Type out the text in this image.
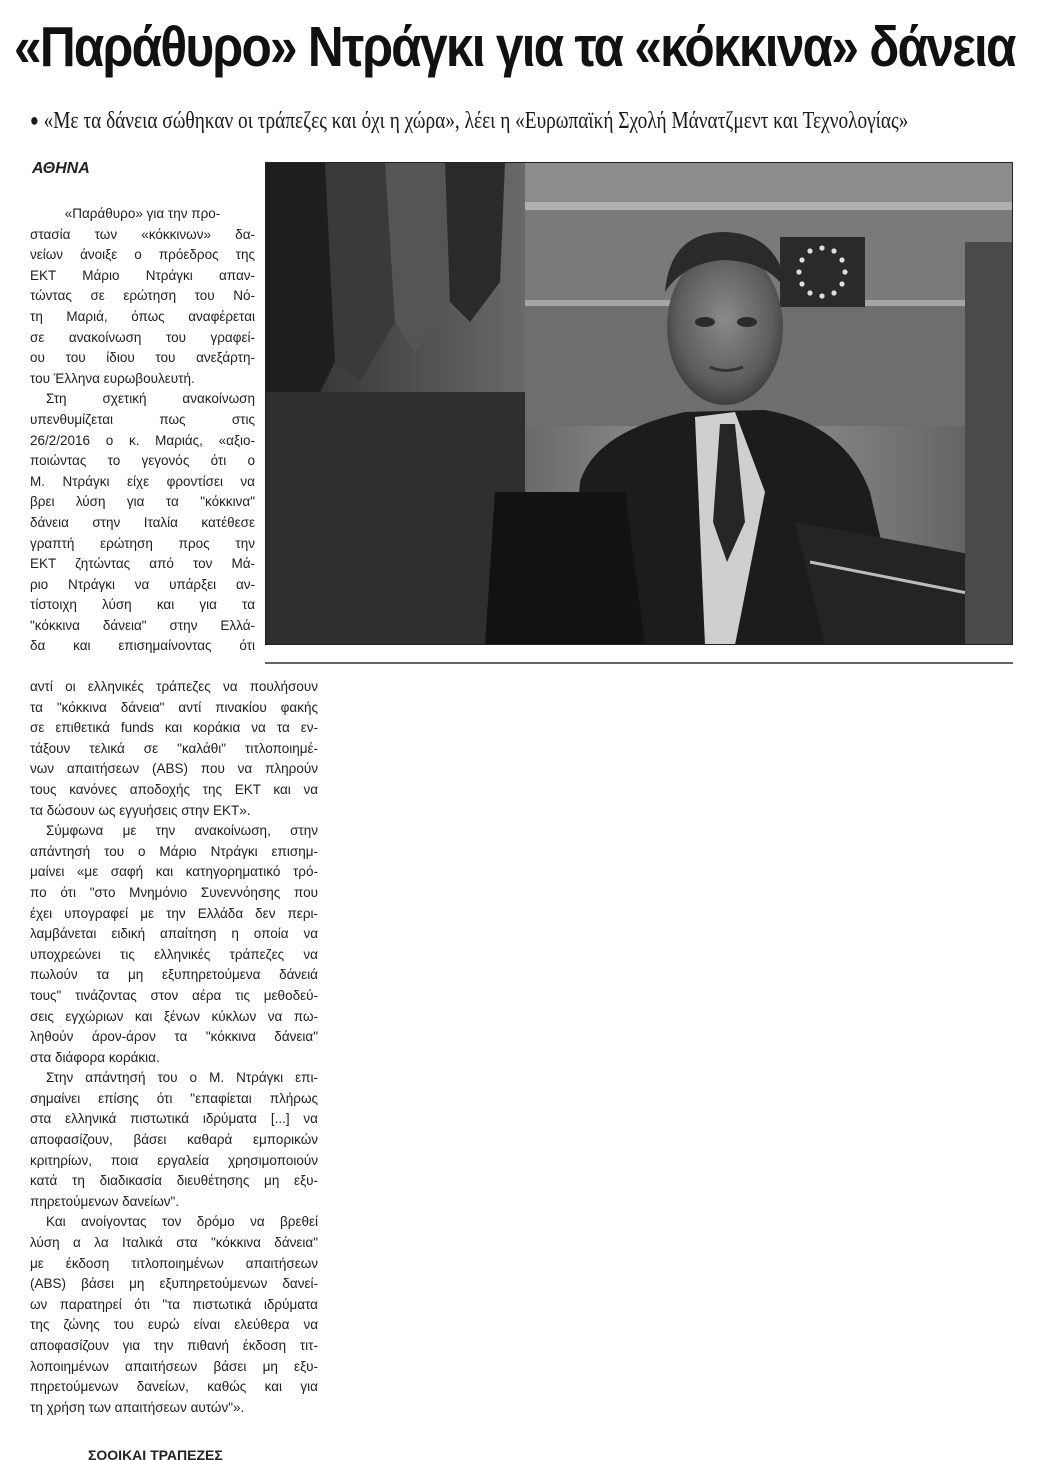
«Παράθυρο» Ντράγκι για τα «κόκκινα» δάνεια
● «Με τα δάνεια σώθηκαν οι τράπεζες και όχι η χώρα», λέει η «Ευρωπαϊκή Σχολή Μάνατζμεντ και Τεχνολογίας»

ΑΘΗΝΑ

«Παράθυρο» για την προ-
στασία των «κόκκινων» δα-
νείων άνοιξε ο πρόεδρος της
ΕΚΤ Μάριο Ντράγκι απαν-
τώντας σε ερώτηση του Νό-
τη Μαριά, όπως αναφέρεται
σε ανακοίνωση του γραφεί-
ου του ίδιου του ανεξάρτη-
του Έλληνα ευρωβουλευτή.
Στη σχετική ανακοίνωση
υπενθυμίζεται πως στις
26/2/2016 ο κ. Μαριάς, «αξιο-
ποιώντας το γεγονός ότι ο
Μ. Ντράγκι είχε φροντίσει να
βρει λύση για τα "κόκκινα"
δάνεια στην Ιταλία κατέθεσε
γραπτή ερώτηση προς την
ΕΚΤ ζητώντας από τον Μά-
ριο Ντράγκι να υπάρξει αν-
τίστοιχη λύση και για τα
"κόκκινα δάνεια" στην Ελλά-
δα και επισημαίνοντας ότι
αντί οι ελληνικές τράπεζες να πουλήσουν
τα "κόκκινα δάνεια" αντί πινακίου φακής
σε επιθετικά funds και κοράκια να τα εν-
τάξουν τελικά σε "καλάθι" τιτλοποιημέ-
νων απαιτήσεων (ABS) που να πληρούν
τους κανόνες αποδοχής της ΕΚΤ και να
τα δώσουν ως εγγυήσεις στην ΕΚΤ».
Σύμφωνα με την ανακοίνωση, στην
απάντησή του ο Μάριο Ντράγκι επισημ-
μαίνει «με σαφή και κατηγορηματικό τρό-
πο ότι "στο Μνημόνιο Συνεννόησης που
έχει υπογραφεί με την Ελλάδα δεν περι-
λαμβάνεται ειδική απαίτηση η οποία να
υποχρεώνει τις ελληνικές τράπεζες να
πωλούν τα μη εξυπηρετούμενα δάνειά
τους" τινάζοντας στον αέρα τις μεθοδεύ-
σεις εγχώριων και ξένων κύκλων να πω-
ληθούν άρον-άρον τα "κόκκινα δάνεια"
στα διάφορα κοράκια.
Στην απάντησή του ο Μ. Ντράγκι επι-
σημαίνει επίσης ότι "επαφίεται πλήρως
στα ελληνικά πιστωτικά ιδρύματα [...] να
αποφασίζουν, βάσει καθαρά εμπορικών
κριτηρίων, ποια εργαλεία χρησιμοποιούν
κατά τη διαδικασία διευθέτησης μη εξυ-
πηρετούμενων δανείων".
Και ανοίγοντας τον δρόμο να βρεθεί
λύση α λα Ιταλικά στα "κόκκινα δάνεια"
με έκδοση τιτλοποιημένων απαιτήσεων
(ABS) βάσει μη εξυπηρετούμενων δανεί-
ων παρατηρεί ότι "τα πιστωτικά ιδρύματα
της ζώνης του ευρώ είναι ελεύθερα να
αποφασίζουν για την πιθανή έκδοση τιτ-
λοποιημένων απαιτήσεων βάσει μη εξυ-
πηρετούμενων δανείων, καθώς και για
τη χρήση των απαιτήσεων αυτών"».
ΣΟΟΙΚΑΙ ΤΡΑΠΕΖΕΣ
